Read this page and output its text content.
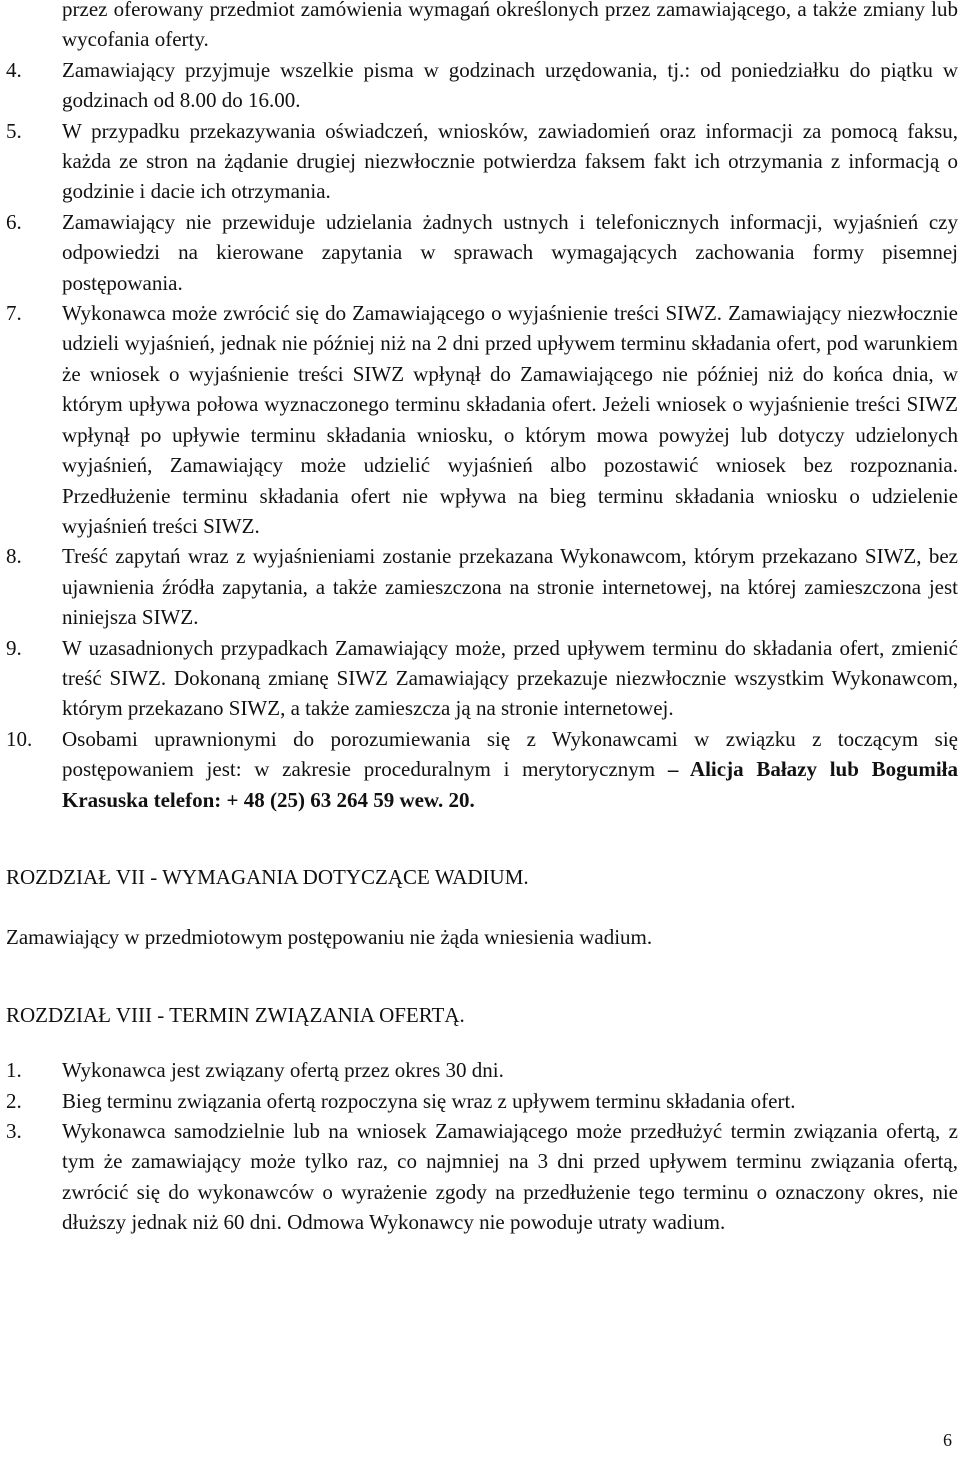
przez oferowany przedmiot zamówienia wymagań określonych przez zamawiającego, a także zmiany lub wycofania oferty.
4.	Zamawiający przyjmuje wszelkie pisma w godzinach urzędowania, tj.: od poniedziałku do piątku w godzinach od 8.00 do 16.00.
5.	W przypadku przekazywania oświadczeń, wniosków, zawiadomień oraz informacji za pomocą faksu, każda ze stron na żądanie drugiej niezwłocznie potwierdza faksem fakt ich otrzymania z informacją o godzinie i dacie ich otrzymania.
6.	Zamawiający nie przewiduje udzielania żadnych ustnych i telefonicznych informacji, wyjaśnień czy odpowiedzi na kierowane zapytania w sprawach wymagających zachowania formy pisemnej postępowania.
7.	Wykonawca może zwrócić się do Zamawiającego o wyjaśnienie treści SIWZ. Zamawiający niezwłocznie udzieli wyjaśnień, jednak nie później niż na 2 dni przed upływem terminu składania ofert, pod warunkiem że wniosek o wyjaśnienie treści SIWZ wpłynął do Zamawiającego nie później niż do końca dnia, w którym upływa połowa wyznaczonego terminu składania ofert. Jeżeli wniosek o wyjaśnienie treści SIWZ wpłynął po upływie terminu składania wniosku, o którym mowa powyżej lub dotyczy udzielonych wyjaśnień, Zamawiający może udzielić wyjaśnień albo pozostawić wniosek bez rozpoznania. Przedłużenie terminu składania ofert nie wpływa na bieg terminu składania wniosku o udzielenie wyjaśnień treści SIWZ.
8.	Treść zapytań wraz z wyjaśnieniami zostanie przekazana Wykonawcom, którym przekazano SIWZ, bez ujawnienia źródła zapytania, a także zamieszczona na stronie internetowej, na której zamieszczona jest niniejsza SIWZ.
9.	W uzasadnionych przypadkach Zamawiający może, przed upływem terminu do składania ofert, zmienić treść SIWZ. Dokonaną zmianę SIWZ Zamawiający przekazuje niezwłocznie wszystkim Wykonawcom, którym przekazano SIWZ, a także zamieszcza ją na stronie internetowej.
10.	Osobami uprawnionymi do porozumiewania się z Wykonawcami w związku z toczącym się postępowaniem jest: w zakresie proceduralnym i merytorycznym – Alicja Bałazy lub Bogumiła Krasuska telefon: + 48 (25) 63 264 59 wew. 20.

ROZDZIAŁ VII - WYMAGANIA DOTYCZĄCE WADIUM.

Zamawiający w przedmiotowym postępowaniu nie żąda wniesienia wadium.

ROZDZIAŁ VIII - TERMIN ZWIĄZANIA OFERTĄ.

1.	Wykonawca jest związany ofertą przez okres 30 dni.
2.	Bieg terminu związania ofertą rozpoczyna się wraz z upływem terminu składania ofert.
3.	Wykonawca samodzielnie lub na wniosek Zamawiającego może przedłużyć termin związania ofertą, z tym że zamawiający może tylko raz, co najmniej na 3 dni przed upływem terminu związania ofertą, zwrócić się do wykonawców o wyrażenie zgody na przedłużenie tego terminu o oznaczony okres, nie dłuższy jednak niż 60 dni. Odmowa Wykonawcy nie powoduje utraty wadium.
6
